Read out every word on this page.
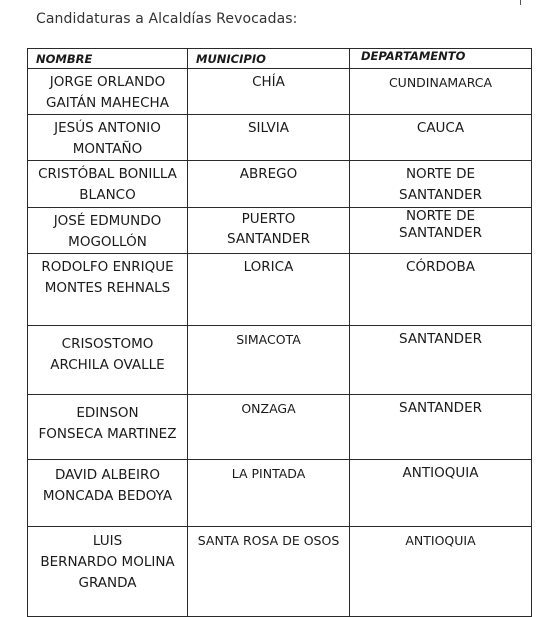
Candidaturas a Alcaldías Revocadas:
NOMBRE	MUNICIPIO	DEPARTAMENTO

JORGE ORLANDO
GAITÁN MAHECHA	CHÍA	CUNDINAMARCA

JESÚS ANTONIO
MONTAÑO	SILVIA	CAUCA

CRISTÓBAL BONILLA
BLANCO	ABREGO	NORTE DE
SANTANDER

JOSÉ EDMUNDO
MOGOLLÓN	PUERTO
SANTANDER	NORTE DE
SANTANDER

RODOLFO ENRIQUE
MONTES REHNALS	LORICA	CÓRDOBA

CRISOSTOMO
ARCHILA OVALLE	SIMACOTA	SANTANDER

EDINSON
FONSECA MARTINEZ	ONZAGA	SANTANDER

DAVID ALBEIRO
MONCADA BEDOYA	LA PINTADA	ANTIOQUIA

LUIS
BERNARDO MOLINA
GRANDA	SANTA ROSA DE OSOS	ANTIOQUIA
